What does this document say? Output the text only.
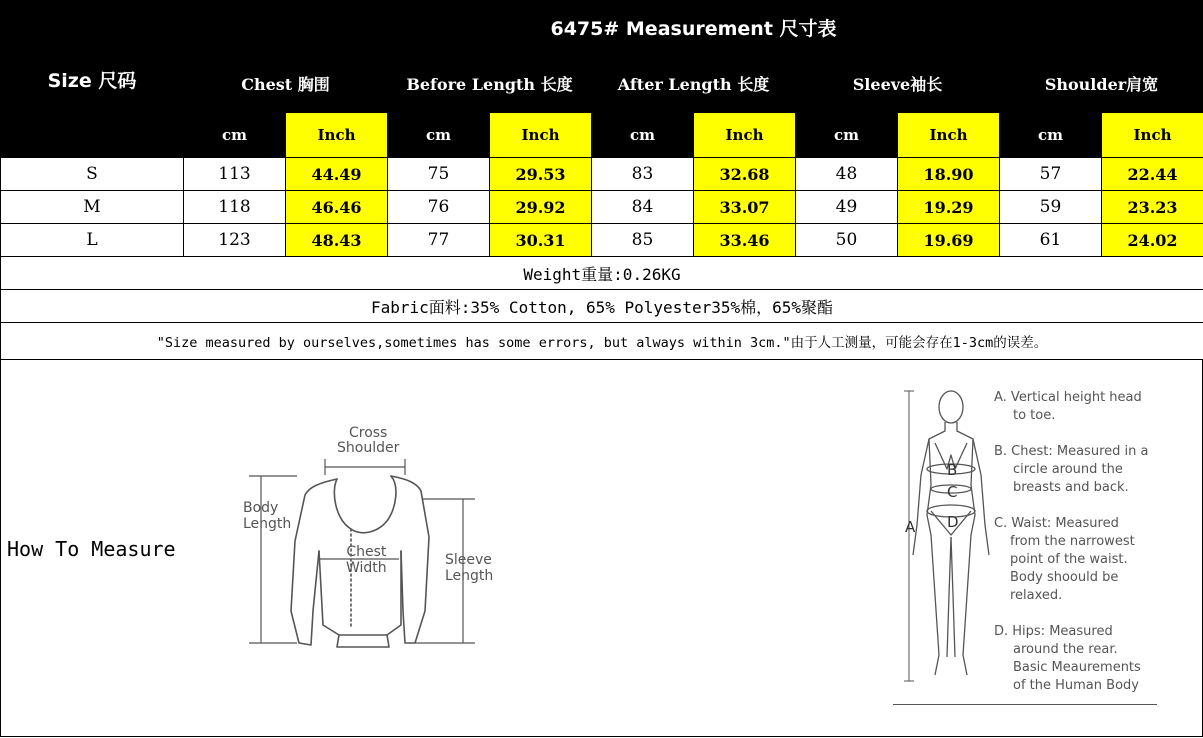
Size 尺码	6475# Measurement 尺寸表									
	Chest 胸围		Before Length 长度		After Length 长度		Sleeve袖长		Shoulder肩宽	
	cm	Inch	cm	Inch	cm	Inch	cm	Inch	cm	Inch
S	113	44.49	75	29.53	83	32.68	48	18.90	57	22.44
M	118	46.46	76	29.92	84	33.07	49	19.29	59	23.23
L	123	48.43	77	30.31	85	33.46	50	19.69	61	24.02
Weight重量:0.26KG										
Fabric面料:35% Cotton, 65% Polyester35%棉，65%聚酯										
"Size measured by ourselves,sometimes has some errors, but always within 3cm."由于人工测量，可能会存在1-3cm的误差。										
How To Measure
Cross
Shoulder
Body
Length
Chest
Width	Sleeve
Length
A
B
C
D
A. Vertical height head
to toe.
B. Chest: Measured in a
circle around the
breasts and back.
C. Waist: Measured
from the narrowest
point of the waist.
Body shoould be
relaxed.
D. Hips: Measured
around the rear.
Basic Meaurements
of the Human Body
